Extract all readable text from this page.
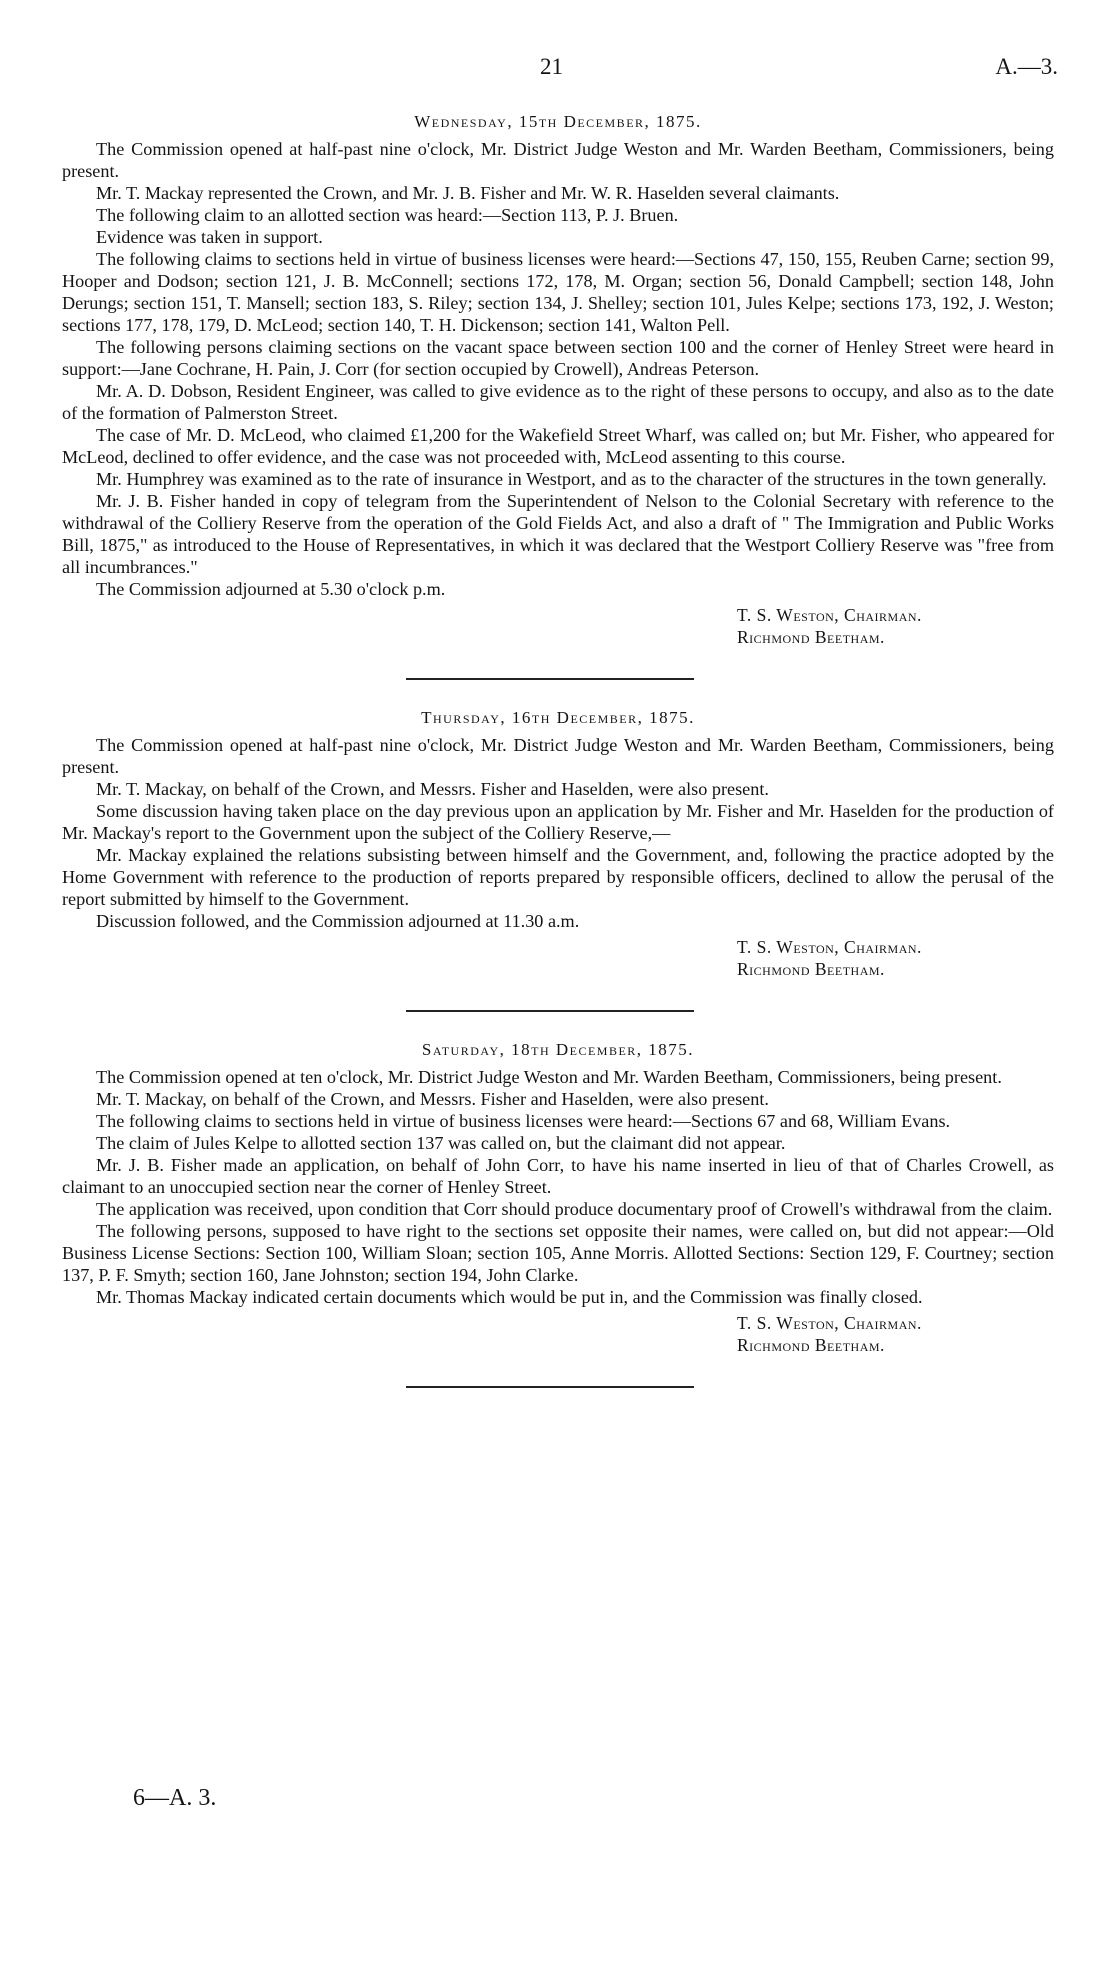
21	A.—3.
Wednesday, 15th December, 1875.

The Commission opened at half-past nine o'clock, Mr. District Judge Weston and Mr. Warden Beetham, Commissioners, being present.

Mr. T. Mackay represented the Crown, and Mr. J. B. Fisher and Mr. W. R. Haselden several claimants.

The following claim to an allotted section was heard:—Section 113, P. J. Bruen.

Evidence was taken in support.

The following claims to sections held in virtue of business licenses were heard:—Sections 47, 150, 155, Reuben Carne; section 99, Hooper and Dodson; section 121, J. B. McConnell; sections 172, 178, M. Organ; section 56, Donald Campbell; section 148, John Derungs; section 151, T. Mansell; section 183, S. Riley; section 134, J. Shelley; section 101, Jules Kelpe; sections 173, 192, J. Weston; sections 177, 178, 179, D. McLeod; section 140, T. H. Dickenson; section 141, Walton Pell.

The following persons claiming sections on the vacant space between section 100 and the corner of Henley Street were heard in support:—Jane Cochrane, H. Pain, J. Corr (for section occupied by Crowell), Andreas Peterson.

Mr. A. D. Dobson, Resident Engineer, was called to give evidence as to the right of these persons to occupy, and also as to the date of the formation of Palmerston Street.

The case of Mr. D. McLeod, who claimed £1,200 for the Wakefield Street Wharf, was called on; but Mr. Fisher, who appeared for McLeod, declined to offer evidence, and the case was not proceeded with, McLeod assenting to this course.

Mr. Humphrey was examined as to the rate of insurance in Westport, and as to the character of the structures in the town generally.

Mr. J. B. Fisher handed in copy of telegram from the Superintendent of Nelson to the Colonial Secretary with reference to the withdrawal of the Colliery Reserve from the operation of the Gold Fields Act, and also a draft of " The Immigration and Public Works Bill, 1875," as introduced to the House of Representatives, in which it was declared that the Westport Colliery Reserve was "free from all incumbrances."

The Commission adjourned at 5.30 o'clock p.m.

T. S. Weston, Chairman.
Richmond Beetham.
Thursday, 16th December, 1875.

The Commission opened at half-past nine o'clock, Mr. District Judge Weston and Mr. Warden Beetham, Commissioners, being present.

Mr. T. Mackay, on behalf of the Crown, and Messrs. Fisher and Haselden, were also present.

Some discussion having taken place on the day previous upon an application by Mr. Fisher and Mr. Haselden for the production of Mr. Mackay's report to the Government upon the subject of the Colliery Reserve,—

Mr. Mackay explained the relations subsisting between himself and the Government, and, following the practice adopted by the Home Government with reference to the production of reports prepared by responsible officers, declined to allow the perusal of the report submitted by himself to the Government.

Discussion followed, and the Commission adjourned at 11.30 a.m.

T. S. Weston, Chairman.
Richmond Beetham.
Saturday, 18th December, 1875.

The Commission opened at ten o'clock, Mr. District Judge Weston and Mr. Warden Beetham, Commissioners, being present.

Mr. T. Mackay, on behalf of the Crown, and Messrs. Fisher and Haselden, were also present.

The following claims to sections held in virtue of business licenses were heard:—Sections 67 and 68, William Evans.

The claim of Jules Kelpe to allotted section 137 was called on, but the claimant did not appear.

Mr. J. B. Fisher made an application, on behalf of John Corr, to have his name inserted in lieu of that of Charles Crowell, as claimant to an unoccupied section near the corner of Henley Street.

The application was received, upon condition that Corr should produce documentary proof of Crowell's withdrawal from the claim.

The following persons, supposed to have right to the sections set opposite their names, were called on, but did not appear:—Old Business License Sections: Section 100, William Sloan; section 105, Anne Morris. Allotted Sections: Section 129, F. Courtney; section 137, P. F. Smyth; section 160, Jane Johnston; section 194, John Clarke.

Mr. Thomas Mackay indicated certain documents which would be put in, and the Commission was finally closed.

T. S. Weston, Chairman.
Richmond Beetham.
6—A. 3.
